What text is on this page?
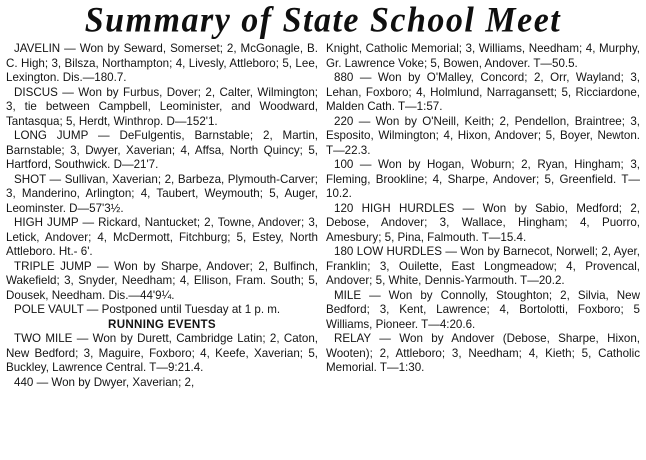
Summary of State School Meet

JAVELIN — Won by Seward, Somerset; 2, McGonagle, B. C. High; 3, Bilsza, Northampton; 4, Livesly, Attleboro; 5, Lee, Lexington. Dis.—180.7.

DISCUS — Won by Furbus, Dover; 2, Calter, Wilmington; 3, tie between Campbell, Leominister, and Woodward, Tantasqua; 5, Herdt, Winthrop. D—152'1.

LONG JUMP — DeFulgentis, Barnstable; 2, Martin, Barnstable; 3, Dwyer, Xaverian; 4, Affsa, North Quincy; 5, Hartford, Southwick. D—21'7.

SHOT — Sullivan, Xaverian; 2, Barbeza, Plymouth-Carver; 3, Manderino, Arlington; 4, Taubert, Weymouth; 5, Auger, Leominster. D—57'3½.

HIGH JUMP — Rickard, Nantucket; 2, Towne, Andover; 3, Letick, Andover; 4, McDermott, Fitchburg; 5, Estey, North Attleboro. Ht.- 6'.

TRIPLE JUMP — Won by Sharpe, Andover; 2, Bulfinch, Wakefield; 3, Snyder, Needham; 4, Ellison, Fram. South; 5, Dousek, Needham. Dis.—44'9¼.

POLE VAULT — Postponed until Tuesday at 1 p. m.

RUNNING EVENTS

TWO MILE — Won by Durett, Cambridge Latin; 2, Caton, New Bedford; 3, Maguire, Foxboro; 4, Keefe, Xaverian; 5, Buckley, Lawrence Central. T—9:21.4.

440 — Won by Dwyer, Xaverian; 2,

Knight, Catholic Memorial; 3, Williams, Needham; 4, Murphy, Gr. Lawrence Voke; 5, Bowen, Andover. T—50.5.

880 — Won by O'Malley, Concord; 2, Orr, Wayland; 3, Lehan, Foxboro; 4, Holmlund, Narragansett; 5, Ricciardone, Malden Cath. T—1:57.

220 — Won by O'Neill, Keith; 2, Pendellon, Braintree; 3, Esposito, Wilmington; 4, Hixon, Andover; 5, Boyer, Newton. T—22.3.

100 — Won by Hogan, Woburn; 2, Ryan, Hingham; 3, Fleming, Brookline; 4, Sharpe, Andover; 5, Greenfield. T—10.2.

120 HIGH HURDLES — Won by Sabio, Medford; 2, Debose, Andover; 3, Wallace, Hingham; 4, Puorro, Amesbury; 5, Pina, Falmouth. T—15.4.

180 LOW HURDLES — Won by Barnecot, Norwell; 2, Ayer, Franklin; 3, Ouilette, East Longmeadow; 4, Provencal, Andover; 5, White, Dennis-Yarmouth. T—20.2.

MILE — Won by Connolly, Stoughton; 2, Silvia, New Bedford; 3, Kent, Lawrence; 4, Bortolotti, Foxboro; 5 Williams, Pioneer. T—4:20.6.

RELAY — Won by Andover (Debose, Sharpe, Hixon, Wooten); 2, Attleboro; 3, Needham; 4, Kieth; 5, Catholic Memorial. T—1:30.
